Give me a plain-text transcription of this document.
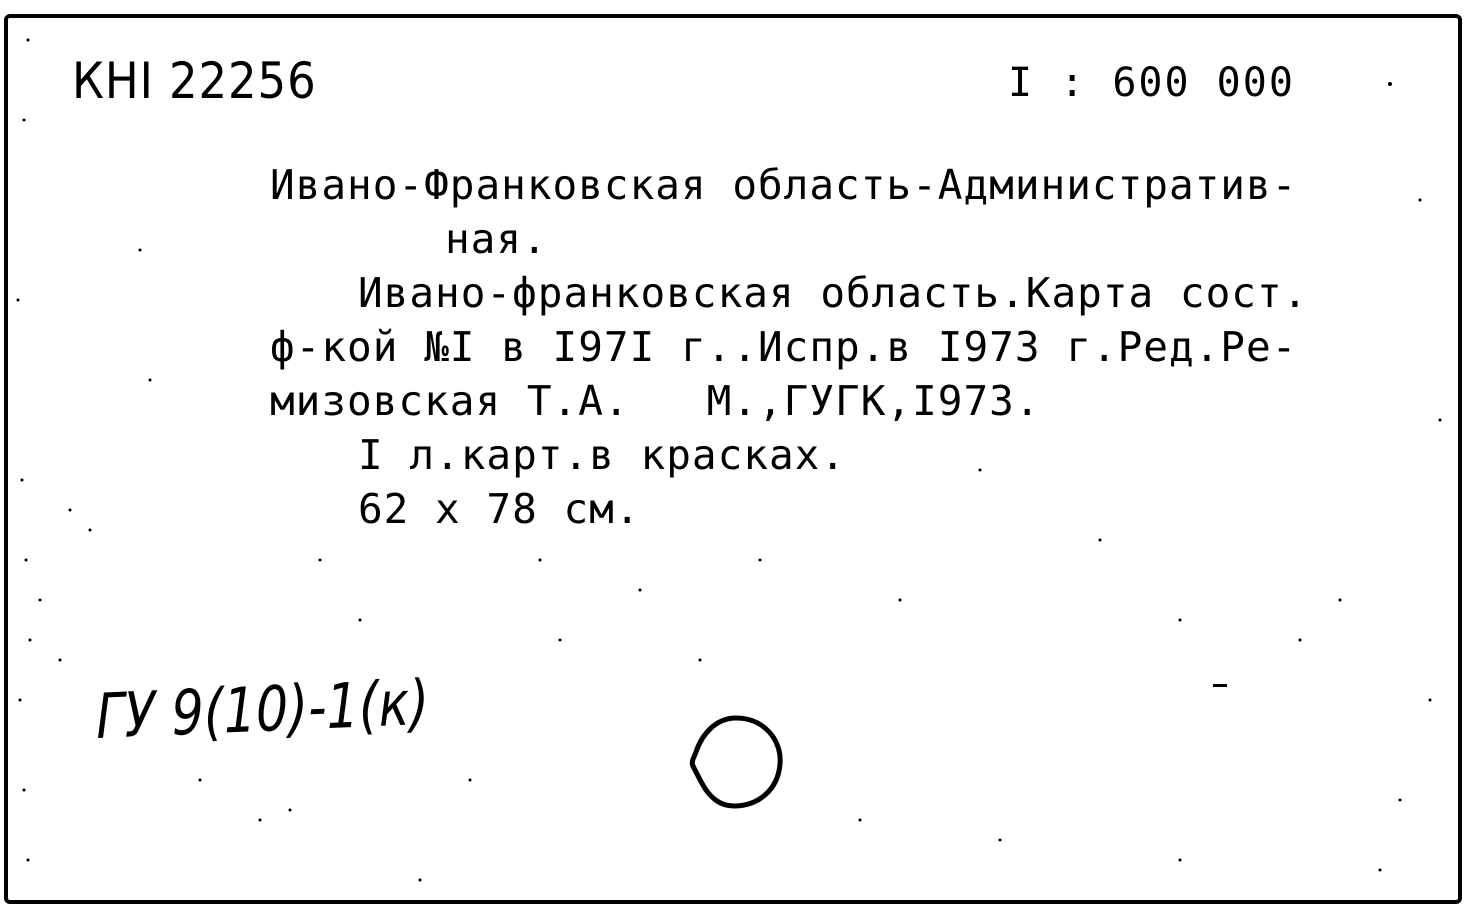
КНI 22256	I : 600 000
Ивано-Франковская область-Административ-
ная.
Ивано-франковская область.Карта сост.
ф-кой №I в I97I г..Испр.в I973 г.Ред.Ре-
мизовская Т.А.   М.,ГУГК,I973.
I л.карт.в красках.
62 x 78 см.
ГУ 9(10)-1(к)
